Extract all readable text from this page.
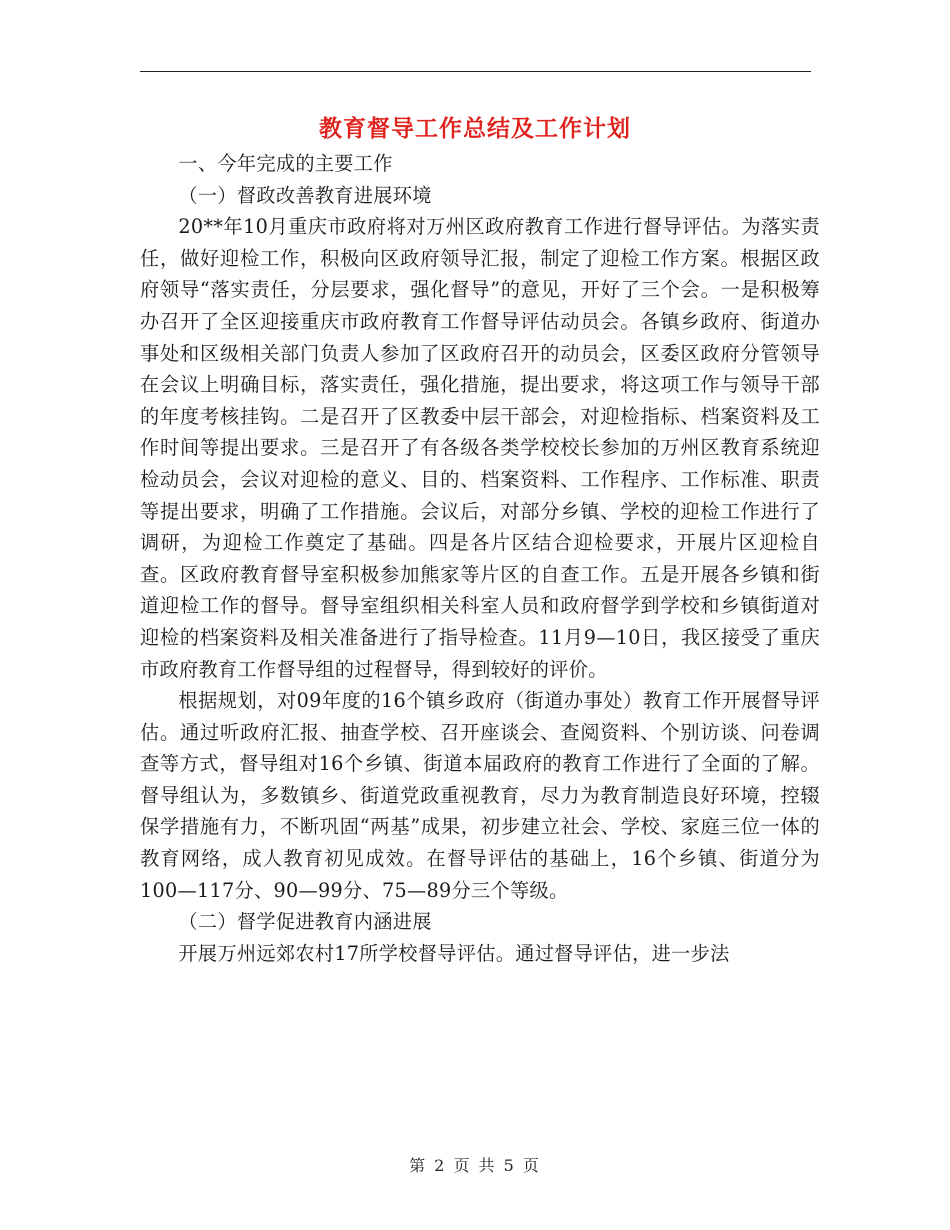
教育督导工作总结及工作计划

一、今年完成的主要工作

（一）督政改善教育进展环境

20**年10月重庆市政府将对万州区政府教育工作进行督导评估。为落实责任，做好迎检工作，积极向区政府领导汇报，制定了迎检工作方案。根据区政府领导“落实责任，分层要求，强化督导”的意见，开好了三个会。一是积极筹办召开了全区迎接重庆市政府教育工作督导评估动员会。各镇乡政府、街道办事处和区级相关部门负责人参加了区政府召开的动员会，区委区政府分管领导在会议上明确目标，落实责任，强化措施，提出要求，将这项工作与领导干部的年度考核挂钩。二是召开了区教委中层干部会，对迎检指标、档案资料及工作时间等提出要求。三是召开了有各级各类学校校长参加的万州区教育系统迎检动员会，会议对迎检的意义、目的、档案资料、工作程序、工作标准、职责等提出要求，明确了工作措施。会议后，对部分乡镇、学校的迎检工作进行了调研，为迎检工作奠定了基础。四是各片区结合迎检要求，开展片区迎检自查。区政府教育督导室积极参加熊家等片区的自查工作。五是开展各乡镇和街道迎检工作的督导。督导室组织相关科室人员和政府督学到学校和乡镇街道对迎检的档案资料及相关准备进行了指导检查。11月9—10日，我区接受了重庆市政府教育工作督导组的过程督导，得到较好的评价。

根据规划，对09年度的16个镇乡政府（街道办事处）教育工作开展督导评估。通过听政府汇报、抽查学校、召开座谈会、查阅资料、个别访谈、问卷调查等方式，督导组对16个乡镇、街道本届政府的教育工作进行了全面的了解。督导组认为，多数镇乡、街道党政重视教育，尽力为教育制造良好环境，控辍保学措施有力，不断巩固“两基”成果，初步建立社会、学校、家庭三位一体的教育网络，成人教育初见成效。在督导评估的基础上，16个乡镇、街道分为100—117分、90—99分、75—89分三个等级。

（二）督学促进教育内涵进展

开展万州远郊农村17所学校督导评估。通过督导评估，进一步法

第 2 页 共 5 页
